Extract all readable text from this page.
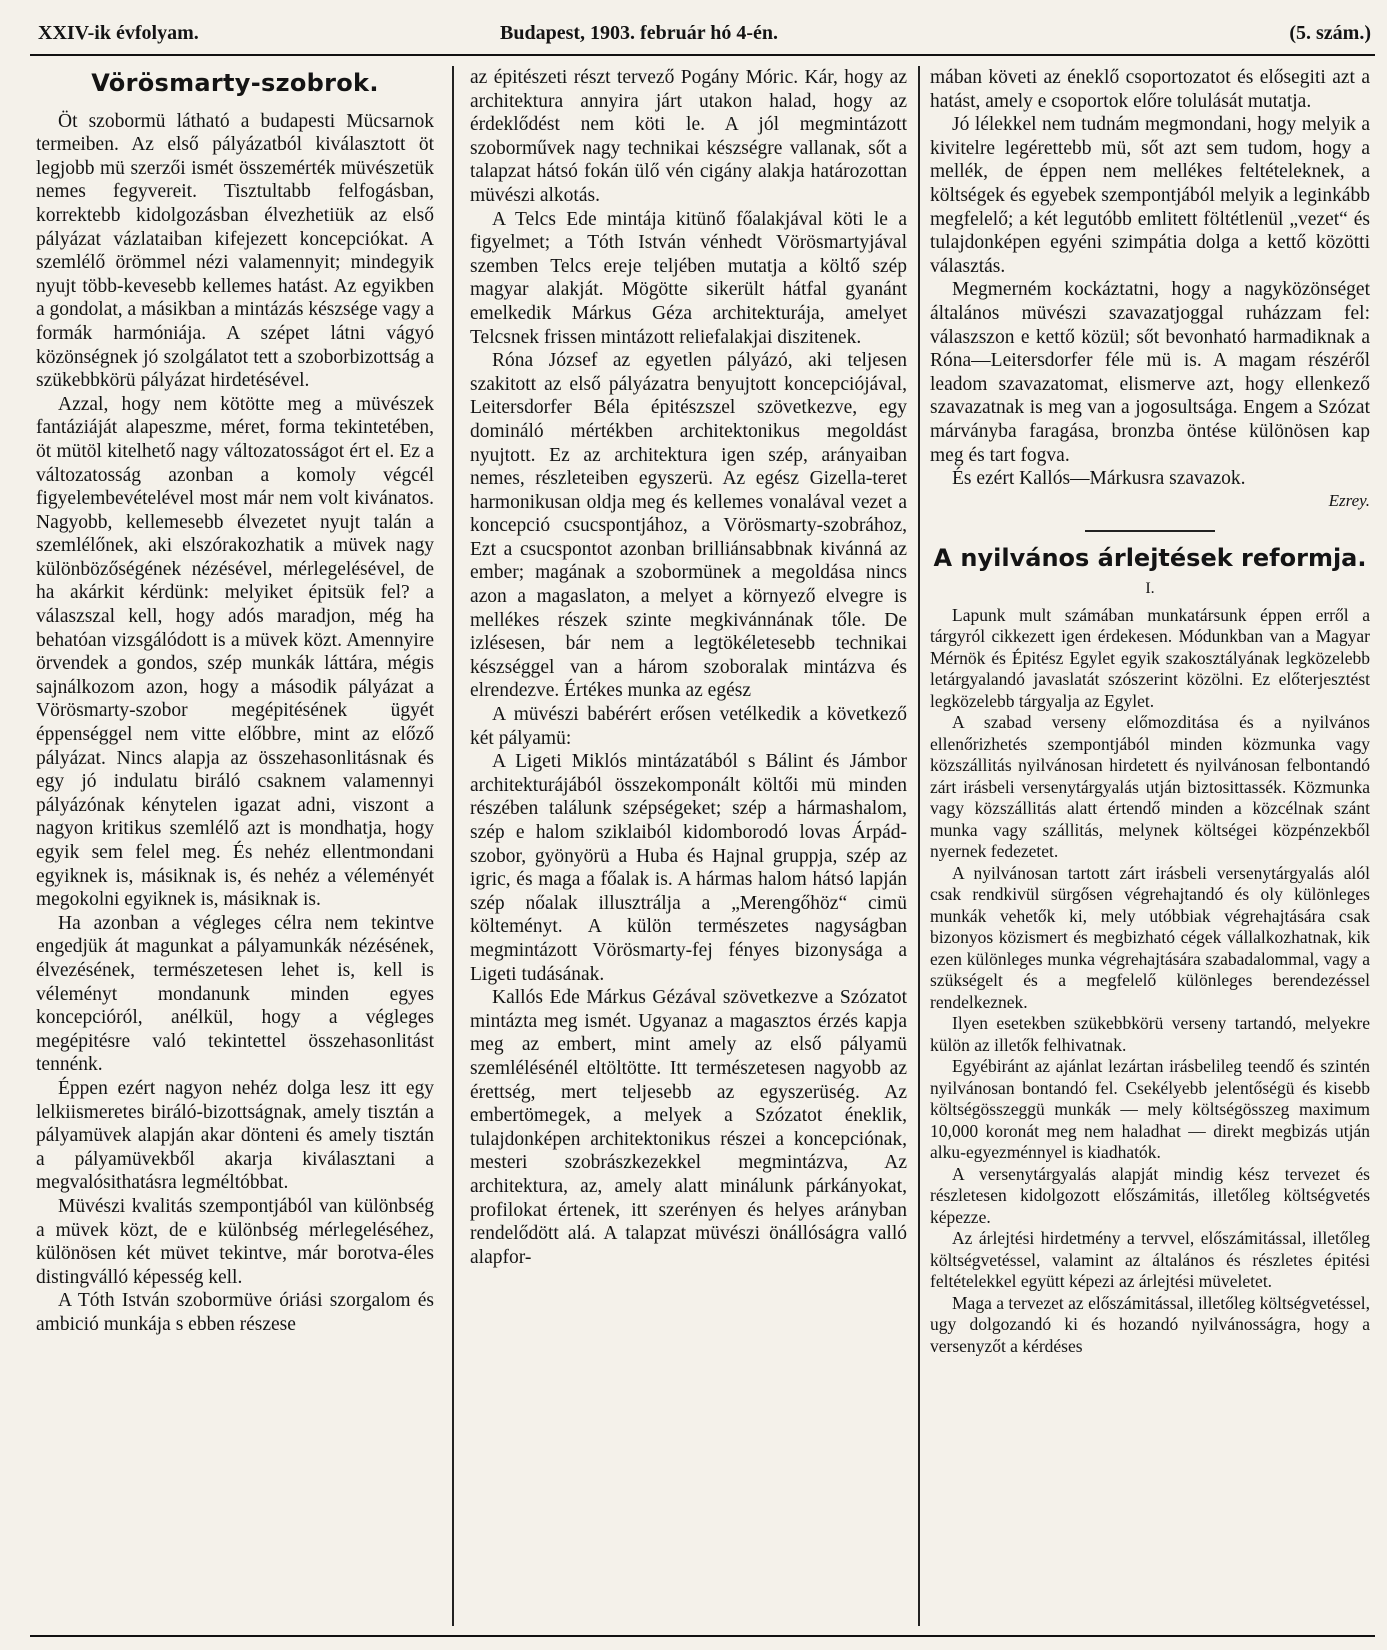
XXIV-ik évfolyam.	Budapest, 1903. február hó 4-én.	(5. szám.)
Vörösmarty-szobrok.

Öt szobormü látható a budapesti Mücsarnok termeiben. Az első pályázatból kiválasztott öt legjobb mü szerzői ismét összemérték müvészetük nemes fegyvereit. Tisztultabb felfogásban, korrektebb kidolgozásban élvezhetiük az első pályázat vázlataiban kifejezett koncepciókat. A szemlélő örömmel nézi valamennyit; mindegyik nyujt több-kevesebb kellemes hatást. Az egyikben a gondolat, a másikban a mintázás készsége vagy a formák harmóniája. A szépet látni vágyó közönségnek jó szolgálatot tett a szoborbizottság a szükebbkörü pályázat hirdetésével.

Azzal, hogy nem kötötte meg a müvészek fantáziáját alapeszme, méret, forma tekintetében, öt mütöl kitelhető nagy változatosságot ért el. Ez a változatosság azonban a komoly végcél figyelembevételével most már nem volt kivánatos. Nagyobb, kellemesebb élvezetet nyujt talán a szemlélőnek, aki elszórakozhatik a müvek nagy különbözőségének nézésével, mérlegelésével, de ha akárkit kérdünk: melyiket épitsük fel? a válaszszal kell, hogy adós maradjon, még ha behatóan vizsgálódott is a müvek közt. Amennyire örvendek a gondos, szép munkák láttára, mégis sajnálkozom azon, hogy a második pályázat a Vörösmarty-szobor megépitésének ügyét éppenséggel nem vitte előbbre, mint az előző pályázat. Nincs alapja az összehasonlitásnak és egy jó indulatu biráló csaknem valamennyi pályázónak kénytelen igazat adni, viszont a nagyon kritikus szemlélő azt is mondhatja, hogy egyik sem felel meg. És nehéz ellentmondani egyiknek is, másiknak is, és nehéz a véleményét megokolni egyiknek is, másiknak is.

Ha azonban a végleges célra nem tekintve engedjük át magunkat a pályamunkák nézésének, élvezésének, természetesen lehet is, kell is véleményt mondanunk minden egyes koncepcióról, anélkül, hogy a végleges megépitésre való tekintettel összehasonlitást tennénk.

Éppen ezért nagyon nehéz dolga lesz itt egy lelkiismeretes biráló-bizottságnak, amely tisztán a pályamüvek alapján akar dönteni és amely tisztán a pályamüvekből akarja kiválasztani a megvalósithatásra legméltóbbat.

Müvészi kvalitás szempontjából van különbség a müvek közt, de e különbség mérlegeléséhez, különösen két müvet tekintve, már borotva-éles distingválló képesség kell.

A Tóth István szobormüve óriási szorgalom és ambició munkája s ebben részese

az épitészeti részt tervező Pogány Móric. Kár, hogy az architektura annyira járt utakon halad, hogy az érdeklődést nem köti le. A jól megmintázott szoborművek nagy technikai készségre vallanak, sőt a talapzat hátsó fokán ülő vén cigány alakja határozottan müvészi alkotás.

A Telcs Ede mintája kitünő főalakjával köti le a figyelmet; a Tóth István vénhedt Vörösmartyjával szemben Telcs ereje teljében mutatja a költő szép magyar alakját. Mögötte sikerült hátfal gyanánt emelkedik Márkus Géza architekturája, amelyet Telcsnek frissen mintázott reliefalakjai diszitenek.

Róna József az egyetlen pályázó, aki teljesen szakitott az első pályázatra benyujtott koncepciójával, Leitersdorfer Béla épitészszel szövetkezve, egy domináló mértékben architektonikus megoldást nyujtott. Ez az architektura igen szép, arányaiban nemes, részleteiben egyszerü. Az egész Gizella-teret harmonikusan oldja meg és kellemes vonalával vezet a koncepció csucspontjához, a Vörösmarty-szobrához, Ezt a csucspontot azonban brilliánsabbnak kivánná az ember; magának a szobormünek a megoldása nincs azon a magaslaton, a melyet a környező elvegre is mellékes részek szinte megkivánnának tőle. De izlésesen, bár nem a legtökéletesebb technikai készséggel van a három szoboralak mintázva és elrendezve. Értékes munka az egész

A müvészi babérért erősen vetélkedik a következő két pályamü:

A Ligeti Miklós mintázatából s Bálint és Jámbor architekturájából összekomponált költői mü minden részében találunk szépségeket; szép a hármashalom, szép e halom sziklaiból kidomborodó lovas Árpád-szobor, gyönyörü a Huba és Hajnal gruppja, szép az igric, és maga a főalak is. A hármas halom hátsó lapján szép nőalak illusztrálja a „Merengőhöz“ cimü költeményt. A külön természetes nagyságban megmintázott Vörösmarty-fej fényes bizonysága a Ligeti tudásának.

Kallós Ede Márkus Gézával szövetkezve a Szózatot mintázta meg ismét. Ugyanaz a magasztos érzés kapja meg az embert, mint amely az első pályamü szemlélésénél eltöltötte. Itt természetesen nagyobb az érettség, mert teljesebb az egyszerüség. Az embertömegek, a melyek a Szózatot éneklik, tulajdonképen architektonikus részei a koncepciónak, mesteri szobrászkezekkel megmintázva, Az architektura, az, amely alatt minálunk párkányokat, profilokat értenek, itt szerényen és helyes arányban rendelődött alá. A talapzat müvészi önállóságra valló alapfor-

mában követi az éneklő csoportozatot és elősegiti azt a hatást, amely e csoportok előre tolulását mutatja.

Jó lélekkel nem tudnám megmondani, hogy melyik a kivitelre legérettebb mü, sőt azt sem tudom, hogy a mellék, de éppen nem mellékes feltételeknek, a költségek és egyebek szempontjából melyik a leginkább megfelelő; a két legutóbb emlitett föltétlenül „vezet“ és tulajdonképen egyéni szimpátia dolga a kettő közötti választás.

Megmerném kockáztatni, hogy a nagyközönséget általános müvészi szavazatjoggal ruházzam fel: válaszszon e kettő közül; sőt bevonható harmadiknak a Róna—Leitersdorfer féle mü is. A magam részéről leadom szavazatomat, elismerve azt, hogy ellenkező szavazatnak is meg van a jogosultsága. Engem a Szózat márványba faragása, bronzba öntése különösen kap meg és tart fogva.

És ezért Kallós—Márkusra szavazok.

Ezrey.
A nyilvános árlejtések reformja.
I.

Lapunk mult számában munkatársunk éppen erről a tárgyról cikkezett igen érdekesen. Módunkban van a Magyar Mérnök és Épitész Egylet egyik szakosztályának legközelebb letárgyalandó javaslatát szószerint közölni. Ez előterjesztést legközelebb tárgyalja az Egylet.

A szabad verseny előmozditása és a nyilvános ellenőrizhetés szempontjából minden közmunka vagy közszállitás nyilvánosan hirdetett és nyilvánosan felbontandó zárt irásbeli versenytárgyalás utján biztosittassék. Közmunka vagy közszállitás alatt értendő minden a közcélnak szánt munka vagy szállitás, melynek költségei közpénzekből nyernek fedezetet.

A nyilvánosan tartott zárt irásbeli versenytárgyalás alól csak rendkivül sürgősen végrehajtandó és oly különleges munkák vehetők ki, mely utóbbiak végrehajtására csak bizonyos közismert és megbizható cégek vállalkozhatnak, kik ezen különleges munka végrehajtására szabadalommal, vagy a szükségelt és a megfelelő különleges berendezéssel rendelkeznek.

Ilyen esetekben szükebbkörü verseny tartandó, melyekre külön az illetők felhivatnak.

Egyébiránt az ajánlat lezártan irásbelileg teendő és szintén nyilvánosan bontandó fel. Csekélyebb jelentőségü és kisebb költségösszeggü munkák — mely költségösszeg maximum 10,000 koronát meg nem haladhat — direkt megbizás utján alku-egyezménnyel is kiadhatók.

A versenytárgyalás alapját mindig kész tervezet és részletesen kidolgozott előszámitás, illetőleg költségvetés képezze.

Az árlejtési hirdetmény a tervvel, előszámitással, illetőleg költségvetéssel, valamint az általános és részletes épitési feltételekkel együtt képezi az árlejtési müveletet.

Maga a tervezet az előszámitással, illetőleg költségvetéssel, ugy dolgozandó ki és hozandó nyilvánosságra, hogy a versenyzőt a kérdéses
